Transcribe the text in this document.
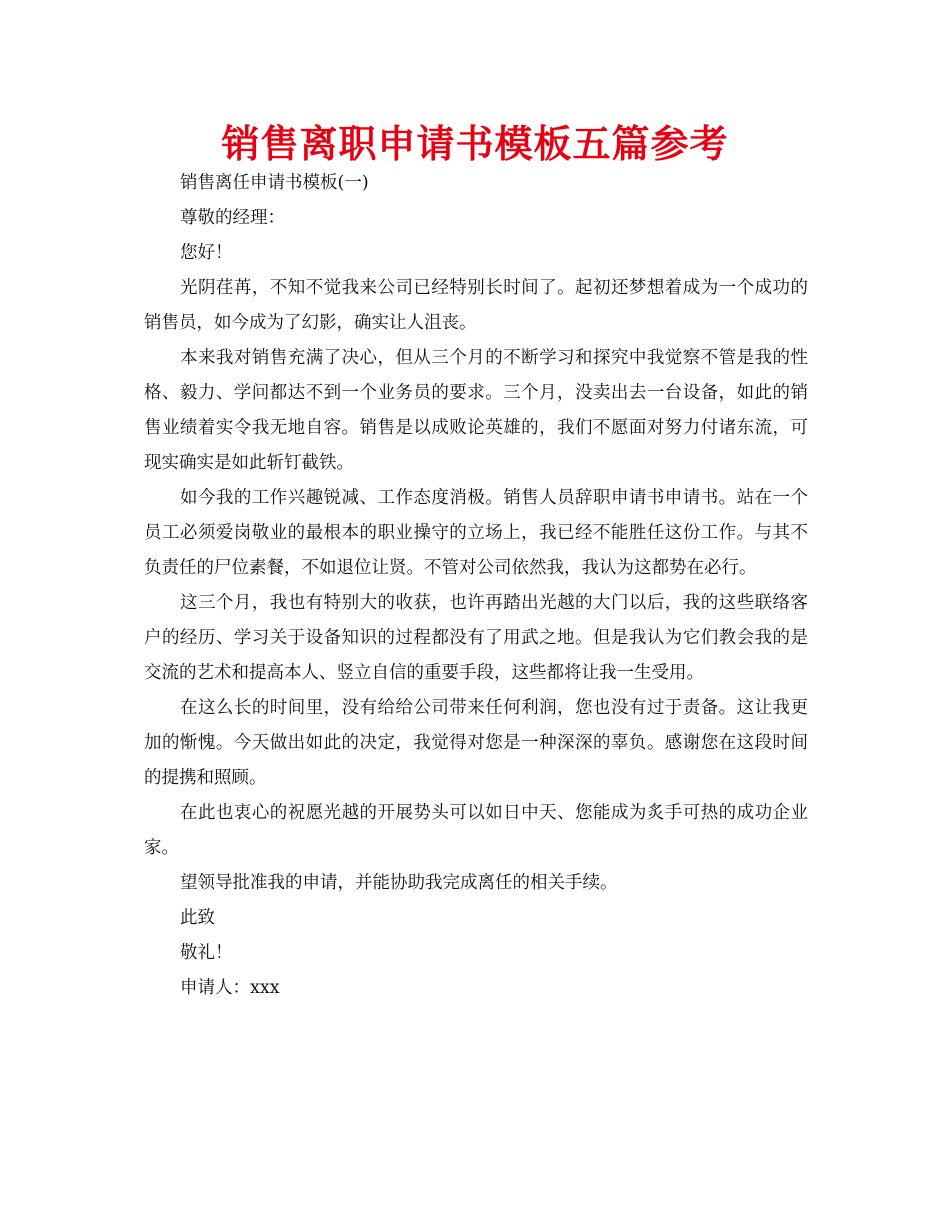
销售离职申请书模板五篇参考
销售离任申请书模板(一)
尊敬的经理：
您好！
光阴荏苒，不知不觉我来公司已经特别长时间了。起初还梦想着成为一个成功的销售员，如今成为了幻影，确实让人沮丧。
本来我对销售充满了决心，但从三个月的不断学习和探究中我觉察不管是我的性格、毅力、学问都达不到一个业务员的要求。三个月，没卖出去一台设备，如此的销售业绩着实令我无地自容。销售是以成败论英雄的，我们不愿面对努力付诸东流，可现实确实是如此斩钉截铁。
如今我的工作兴趣锐减、工作态度消极。销售人员辞职申请书申请书。站在一个员工必须爱岗敬业的最根本的职业操守的立场上，我已经不能胜任这份工作。与其不负责任的尸位素餐，不如退位让贤。不管对公司依然我，我认为这都势在必行。
这三个月，我也有特别大的收获，也许再踏出光越的大门以后，我的这些联络客户的经历、学习关于设备知识的过程都没有了用武之地。但是我认为它们教会我的是交流的艺术和提高本人、竖立自信的重要手段，这些都将让我一生受用。
在这么长的时间里，没有给给公司带来任何利润，您也没有过于责备。这让我更加的惭愧。今天做出如此的决定，我觉得对您是一种深深的辜负。感谢您在这段时间的提携和照顾。
在此也衷心的祝愿光越的开展势头可以如日中天、您能成为炙手可热的成功企业家。
望领导批准我的申请，并能协助我完成离任的相关手续。
此致
敬礼！
申请人：xxx
